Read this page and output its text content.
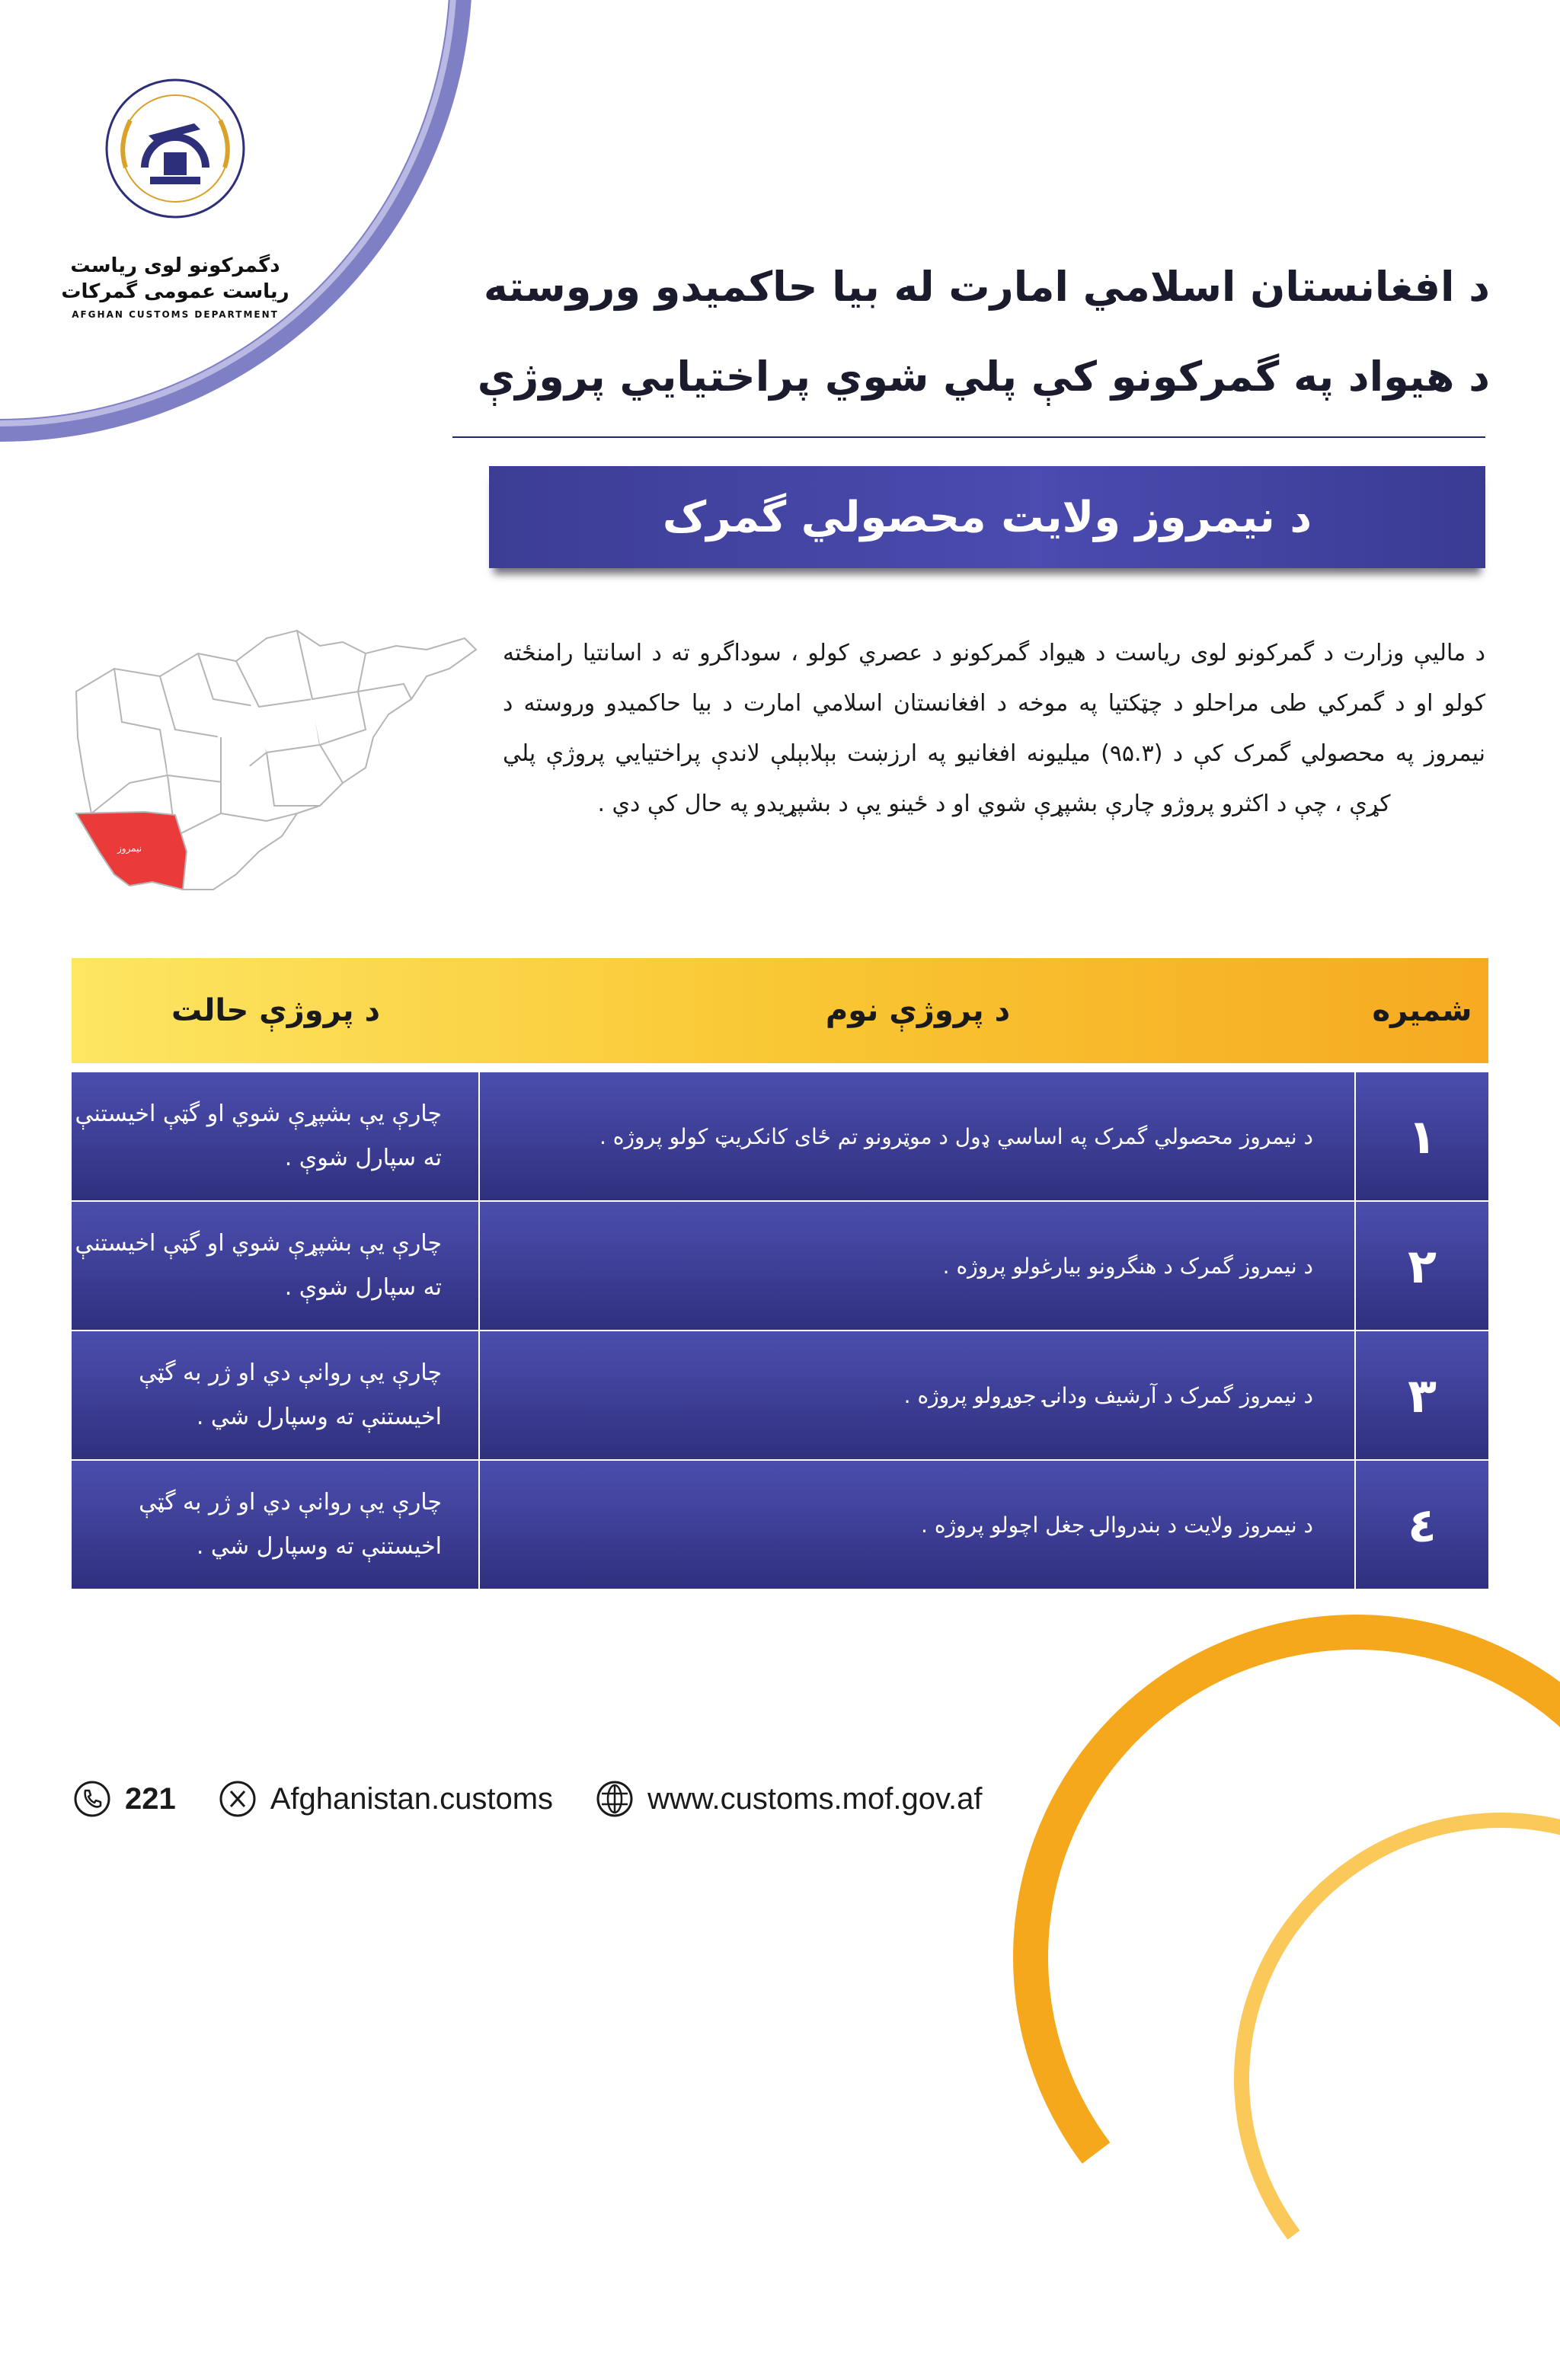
دگمرکونو لوی ریاست
ریاست عمومی گمرکات
AFGHAN CUSTOMS DEPARTMENT
د افغانستان اسلامي امارت له بیا حاکمیدو وروسته
د هیواد په گمرکونو کې پلي شوي پراختیايي پروژې
د نیمروز ولایت محصولي گمرک
نیمروز
د مالیې وزارت د گمرکونو لوی ریاست د هیواد گمرکونو د عصري کولو ، سوداگرو ته د اسانتیا رامنځته کولو او د گمرکي طی مراحلو د چټکتیا په موخه د افغانستان اسلامي امارت د بیا حاکمیدو وروسته د نیمروز په محصولي گمرک کې د (۹۵.۳) میلیونه افغانیو په ارزښت بېلابېلې لاندې پراختیايي پروژې پلي کړې ، چې د اکثرو پروژو چارې بشپړې شوي او د ځینو یې د بشپړیدو په حال کې دي .
شمیره
د پروژې نوم
د پروژې حالت
۱
د نیمروز محصولي گمرک په اساسي ډول د موټرونو تم ځای کانکریټ کولو پروژه .
چارې یې بشپړې شوي او گټې اخیستنې ته سپارل شوې .
۲
د نیمروز گمرک د هنگرونو بیارغولو پروژه .
چارې یې بشپړې شوي او گټې اخیستنې ته سپارل شوې .
۳
د نیمروز گمرک د آرشیف ودانۍ جوړولو پروژه .
چارې یې روانې دي او ژر به گټې اخیستنې ته وسپارل شي .
٤
د نیمروز ولایت د بندروالۍ جغل اچولو پروژه .
چارې یې روانې دي او ژر به گټې اخیستنې ته وسپارل شي .
221	Afghanistan.customs	www.customs.mof.gov.af
